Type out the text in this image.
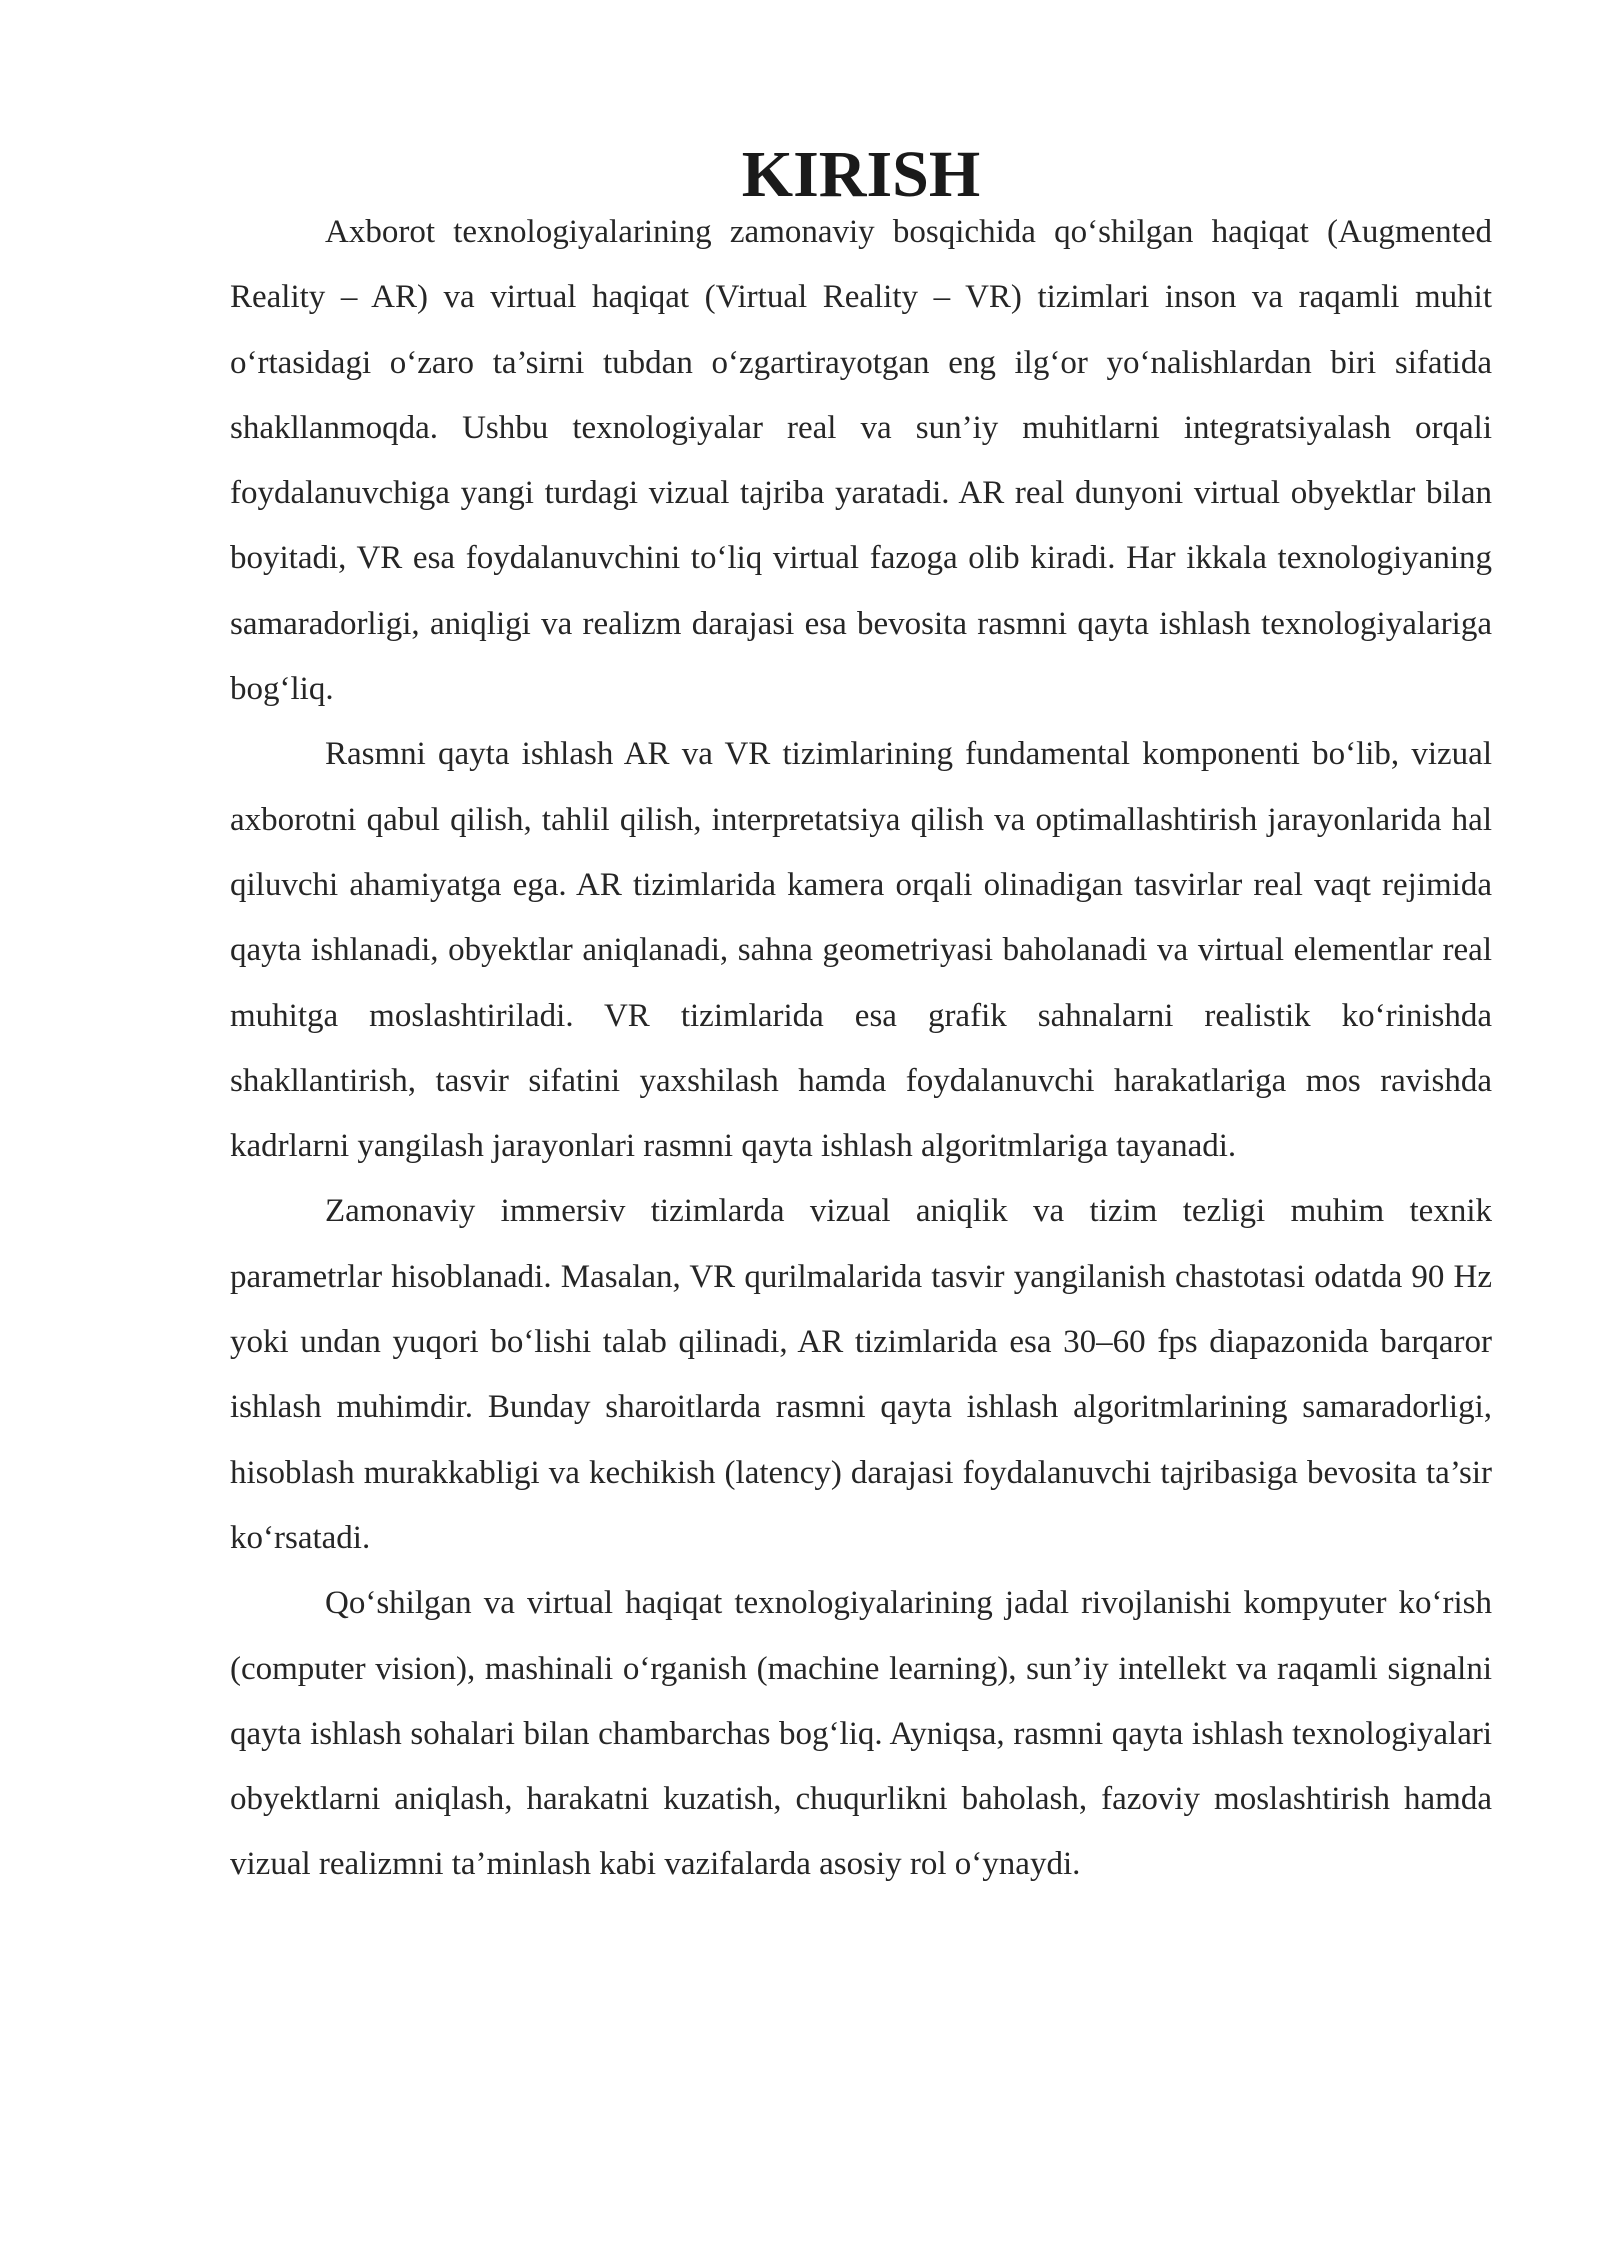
KIRISH

Axborot texnologiyalarining zamonaviy bosqichida qo‘shilgan haqiqat (Augmented Reality – AR) va virtual haqiqat (Virtual Reality – VR) tizimlari inson va raqamli muhit o‘rtasidagi o‘zaro ta’sirni tubdan o‘zgartirayotgan eng ilg‘or yo‘nalishlardan biri sifatida shakllanmoqda. Ushbu texnologiyalar real va sun’iy muhitlarni integratsiyalash orqali foydalanuvchiga yangi turdagi vizual tajriba yaratadi. AR real dunyoni virtual obyektlar bilan boyitadi, VR esa foydalanuvchini to‘liq virtual fazoga olib kiradi. Har ikkala texnologiyaning samaradorligi, aniqligi va realizm darajasi esa bevosita rasmni qayta ishlash texnologiyalariga bog‘liq.

Rasmni qayta ishlash AR va VR tizimlarining fundamental komponenti bo‘lib, vizual axborotni qabul qilish, tahlil qilish, interpretatsiya qilish va optimallashtirish jarayonlarida hal qiluvchi ahamiyatga ega. AR tizimlarida kamera orqali olinadigan tasvirlar real vaqt rejimida qayta ishlanadi, obyektlar aniqlanadi, sahna geometriyasi baholanadi va virtual elementlar real muhitga moslashtiriladi. VR tizimlarida esa grafik sahnalarni realistik ko‘rinishda shakllantirish, tasvir sifatini yaxshilash hamda foydalanuvchi harakatlariga mos ravishda kadrlarni yangilash jarayonlari rasmni qayta ishlash algoritmlariga tayanadi.

Zamonaviy immersiv tizimlarda vizual aniqlik va tizim tezligi muhim texnik parametrlar hisoblanadi. Masalan, VR qurilmalarida tasvir yangilanish chastotasi odatda 90 Hz yoki undan yuqori bo‘lishi talab qilinadi, AR tizimlarida esa 30–60 fps diapazonida barqaror ishlash muhimdir. Bunday sharoitlarda rasmni qayta ishlash algoritmlarining samaradorligi, hisoblash murakkabligi va kechikish (latency) darajasi foydalanuvchi tajribasiga bevosita ta’sir ko‘rsatadi.

Qo‘shilgan va virtual haqiqat texnologiyalarining jadal rivojlanishi kompyuter ko‘rish (computer vision), mashinali o‘rganish (machine learning), sun’iy intellekt va raqamli signalni qayta ishlash sohalari bilan chambarchas bog‘liq. Ayniqsa, rasmni qayta ishlash texnologiyalari obyektlarni aniqlash, harakatni kuzatish, chuqurlikni baholash, fazoviy moslashtirish hamda vizual realizmni ta’minlash kabi vazifalarda asosiy rol o‘ynaydi.
